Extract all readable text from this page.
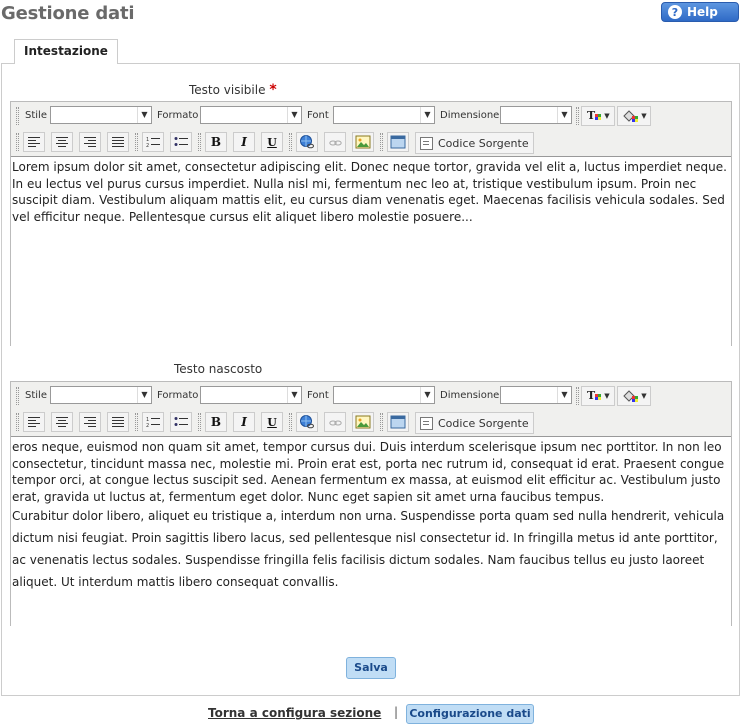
Gestione dati	? Help
Intestazione
Testo visibile *
Stile	▼ Formato	▼ Font	▼ Dimensione	▼	T ▼	▼
1
2	B I U	Codice Sorgente

Lorem ipsum dolor sit amet, consectetur adipiscing elit. Donec neque tortor, gravida vel elit a, luctus imperdiet neque. In eu lectus vel purus cursus imperdiet. Nulla nisl mi, fermentum nec leo at, tristique vestibulum ipsum. Proin nec suscipit diam. Vestibulum aliquam mattis elit, eu cursus diam venenatis eget. Maecenas facilisis vehicula sodales. Sed vel efficitur neque. Pellentesque cursus elit aliquet libero molestie posuere...

Testo nascosto
Stile	▼ Formato	▼ Font	▼ Dimensione	▼	T ▼	▼
1
2	B I U	Codice Sorgente

eros neque, euismod non quam sit amet, tempor cursus dui. Duis interdum scelerisque ipsum nec porttitor. In non leo consectetur, tincidunt massa nec, molestie mi. Proin erat est, porta nec rutrum id, consequat id erat. Praesent congue tempor orci, at congue lectus suscipit sed. Aenean fermentum ex massa, at euismod elit efficitur ac. Vestibulum justo erat, gravida ut luctus at, fermentum eget dolor. Nunc eget sapien sit amet urna faucibus tempus.

Curabitur dolor libero, aliquet eu tristique a, interdum non urna. Suspendisse porta quam sed nulla hendrerit, vehicula dictum nisi feugiat. Proin sagittis libero lacus, sed pellentesque nisl consectetur id. In fringilla metus id ante porttitor, ac venenatis lectus sodales. Suspendisse fringilla felis facilisis dictum sodales. Nam faucibus tellus eu justo laoreet aliquet. Ut interdum mattis libero consequat convallis.

Salva
Torna a configura sezione |	Configurazione dati
